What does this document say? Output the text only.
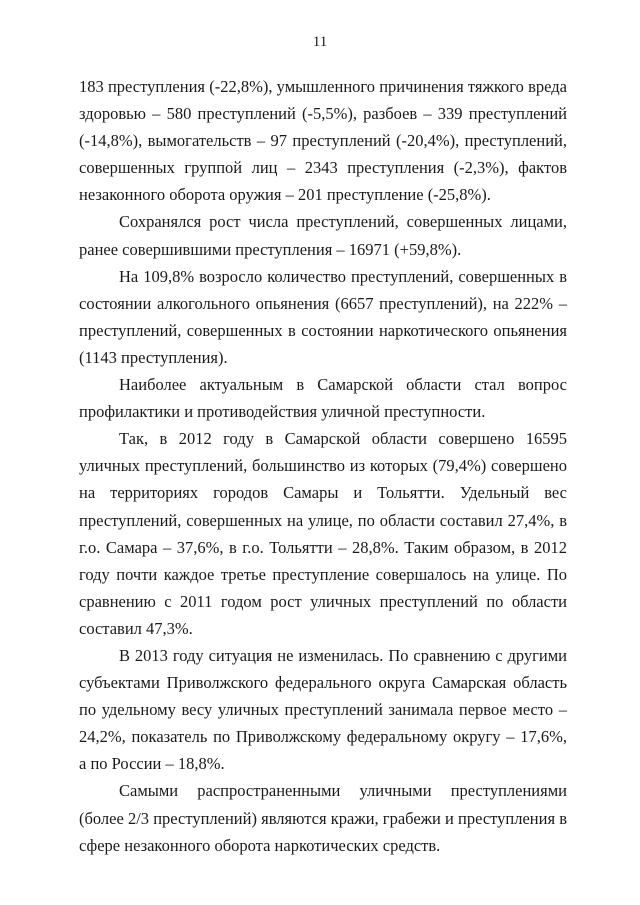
11

183 преступления (-22,8%), умышленного причинения тяжкого вреда здоровью – 580 преступлений (-5,5%), разбоев – 339 преступлений (-14,8%), вымогательств – 97 преступлений (-20,4%), преступлений, совершенных группой лиц – 2343 преступления (-2,3%), фактов незаконного оборота оружия – 201 преступление (-25,8%).

Сохранялся рост числа преступлений, совершенных лицами, ранее совершившими преступления – 16971 (+59,8%).

На 109,8% возросло количество преступлений, совершенных в состоянии алкогольного опьянения (6657 преступлений), на 222% – преступлений, совершенных в состоянии наркотического опьянения (1143 преступления).

Наиболее актуальным в Самарской области стал вопрос профилактики и противодействия уличной преступности.

Так, в 2012 году в Самарской области совершено 16595 уличных преступлений, большинство из которых (79,4%) совершено на территориях городов Самары и Тольятти. Удельный вес преступлений, совершенных на улице, по области составил 27,4%, в г.о. Самара – 37,6%, в г.о. Тольятти – 28,8%. Таким образом, в 2012 году почти каждое третье преступление совершалось на улице. По сравнению с 2011 годом рост уличных преступлений по области составил 47,3%.

В 2013 году ситуация не изменилась. По сравнению с другими субъектами Приволжского федерального округа Самарская область по удельному весу уличных преступлений занимала первое место – 24,2%, показатель по Приволжскому федеральному округу – 17,6%, а по России – 18,8%.

Самыми распространенными уличными преступлениями (более 2/3 преступлений) являются кражи, грабежи и преступления в сфере незаконного оборота наркотических средств.
